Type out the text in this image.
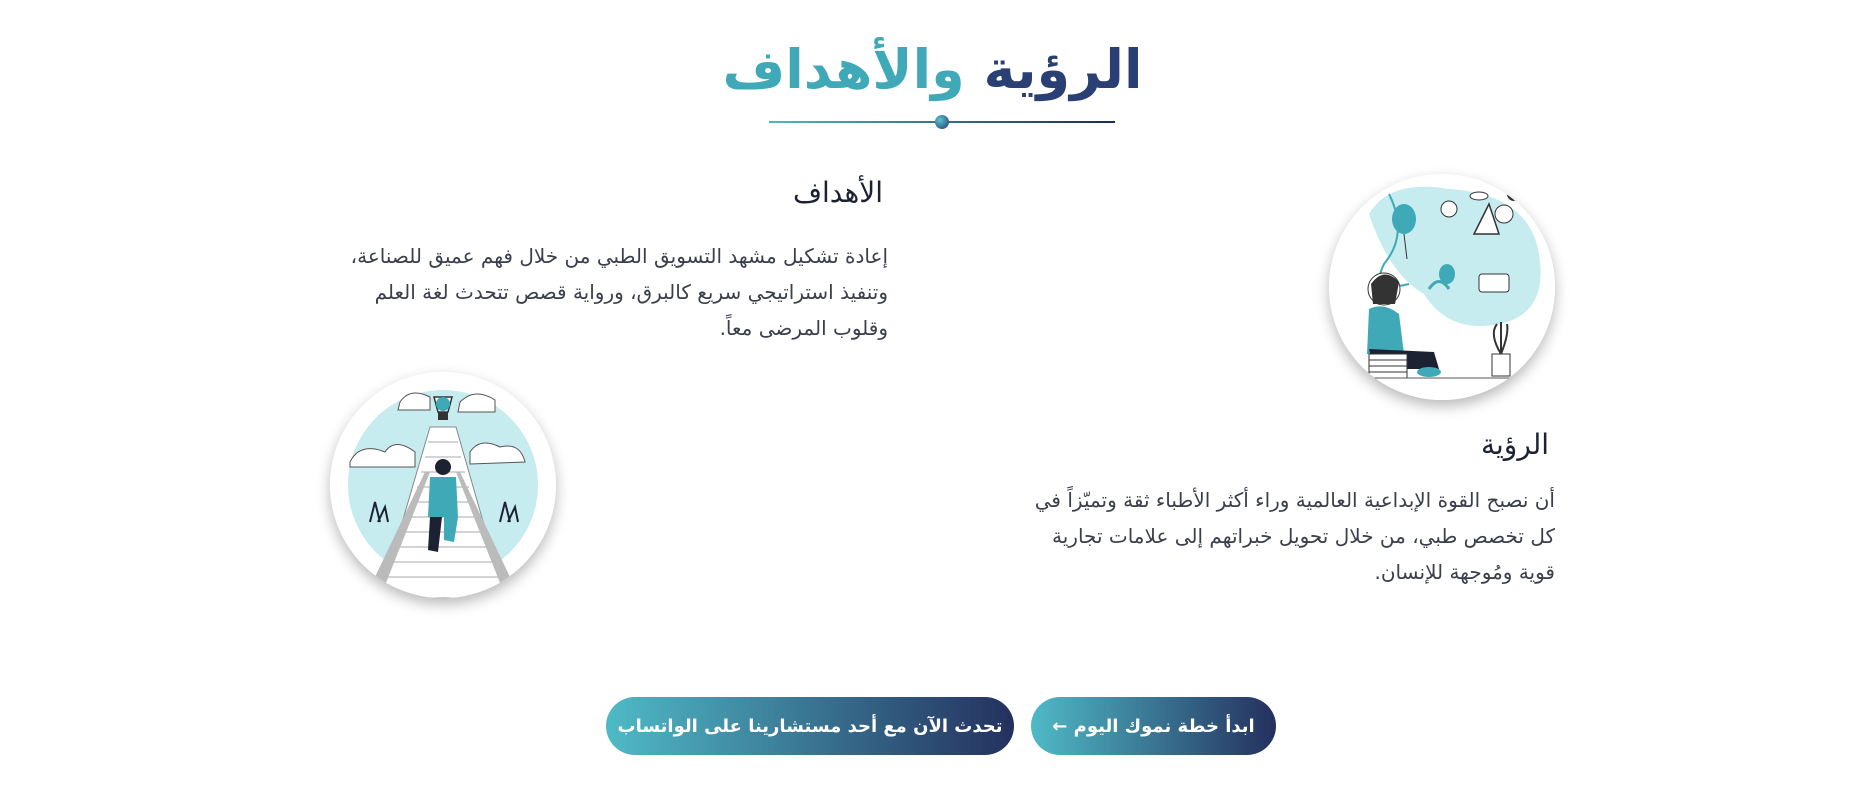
الرؤية والأهداف
الأهداف

إعادة تشكيل مشهد التسويق الطبي من خلال فهم عميق للصناعة، وتنفيذ استراتيجي سريع كالبرق، ورواية قصص تتحدث لغة العلم وقلوب المرضى معاً.

الرؤية

أن نصبح القوة الإبداعية العالمية وراء أكثر الأطباء ثقة وتميّزاً في كل تخصص طبي، من خلال تحويل خبراتهم إلى علامات تجارية قوية ومُوجهة للإنسان.

ابدأ خطة نموك اليوم ←
تحدث الآن مع أحد مستشارينا على الواتساب
